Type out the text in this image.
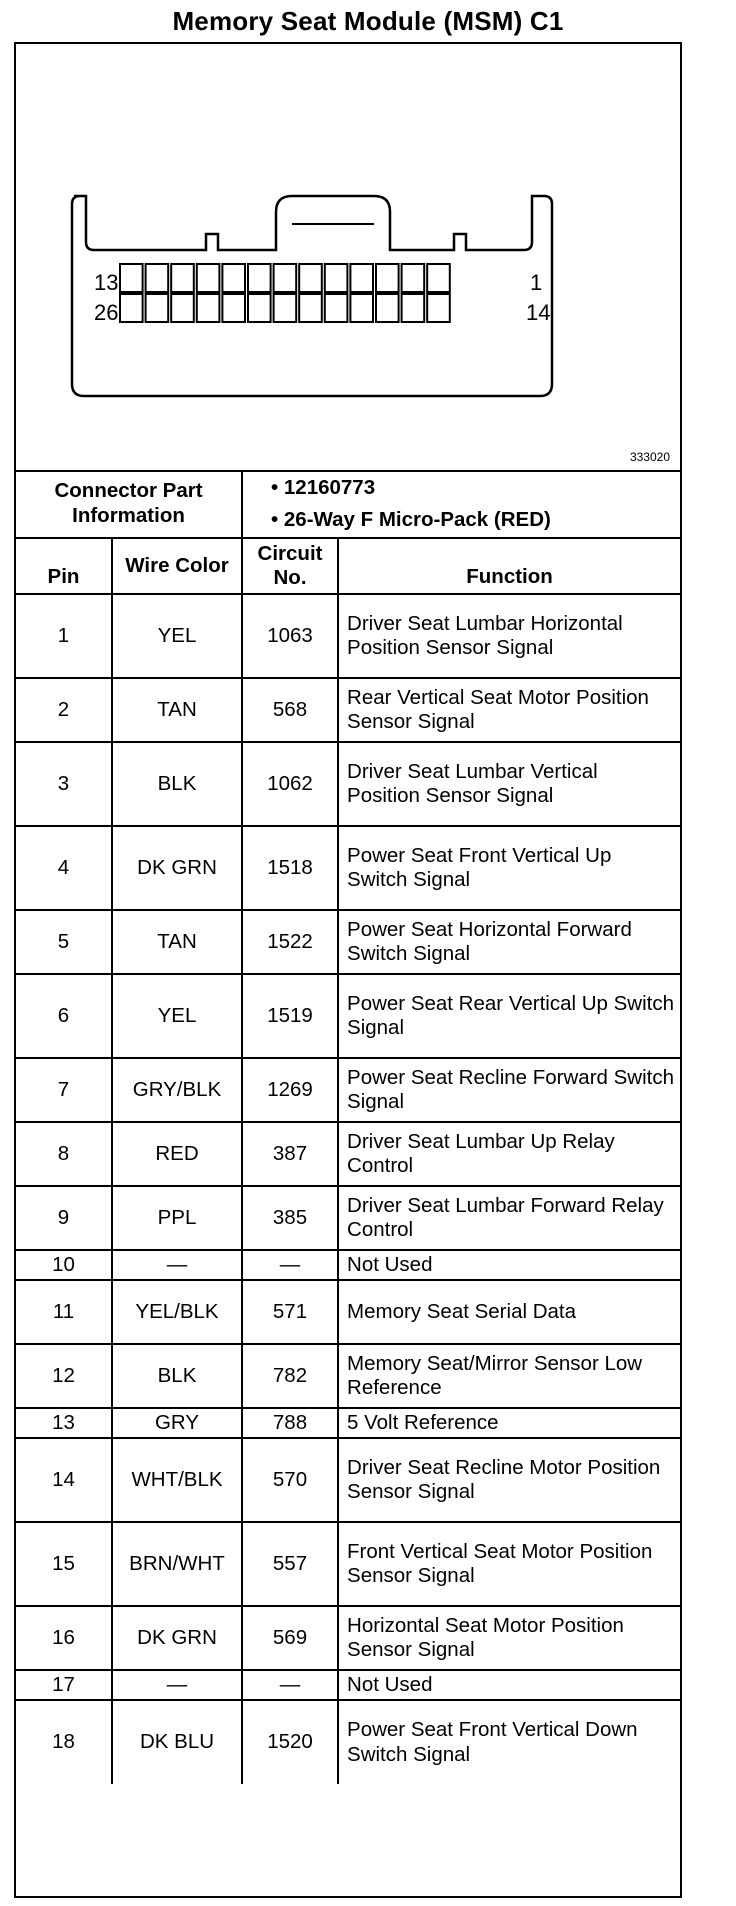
Memory Seat Module (MSM) C1
13
26
1
14
333020
Connector Part Information		• 12160773
• 26-Way F Micro-Pack (RED)	

Pin	Wire Color	Circuit No.	Function
1	YEL	1063	Driver Seat Lumbar Horizontal Position Sensor Signal
2	TAN	568	Rear Vertical Seat Motor Position Sensor Signal
3	BLK	1062	Driver Seat Lumbar Vertical Position Sensor Signal
4	DK GRN	1518	Power Seat Front Vertical Up Switch Signal
5	TAN	1522	Power Seat Horizontal Forward Switch Signal
6	YEL	1519	Power Seat Rear Vertical Up Switch Signal
7	GRY/BLK	1269	Power Seat Recline Forward Switch Signal
8	RED	387	Driver Seat Lumbar Up Relay Control
9	PPL	385	Driver Seat Lumbar Forward Relay Control
10	—	—	Not Used
11	YEL/BLK	571	Memory Seat Serial Data
12	BLK	782	Memory Seat/Mirror Sensor Low Reference
13	GRY	788	5 Volt Reference
14	WHT/BLK	570	Driver Seat Recline Motor Position Sensor Signal
15	BRN/WHT	557	Front Vertical Seat Motor Position Sensor Signal
16	DK GRN	569	Horizontal Seat Motor Position Sensor Signal
17	—	—	Not Used
18	DK BLU	1520	Power Seat Front Vertical Down Switch Signal
